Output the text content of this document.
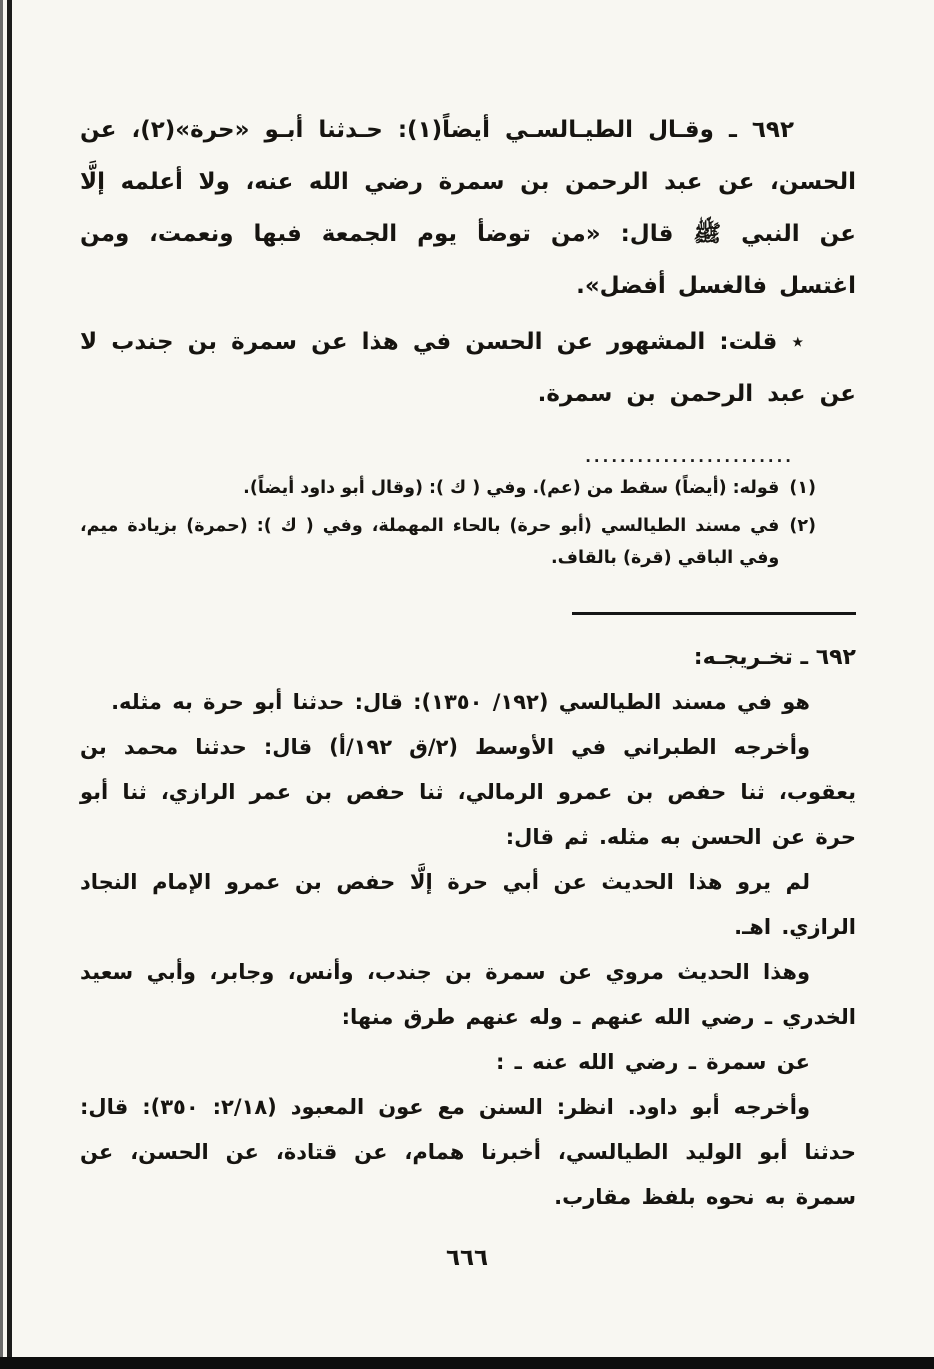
٦٩٢ ـ وقـال الطيـالسـي أيضاً(١): حـدثنا أبـو «حرة»(٢)، عن الحسن، عن عبد الرحمن بن سمرة رضي الله عنه، ولا أعلمه إلَّا عن النبي ﷺ قال: «من توضأ يوم الجمعة فبها ونعمت، ومن اغتسل فالغسل أفضل».

٭ قلت: المشهور عن الحسن في هذا عن سمرة بن جندب لا عن عبد الرحمن بن سمرة.

........................
(١)
قوله: (أيضاً) سقط من (عم). وفي ( ك ): (وقال أبو داود أيضاً).
(٢)
في مسند الطيالسي (أبو حرة) بالحاء المهملة، وفي ( ك ): (حمرة) بزيادة ميم، وفي الباقي (قرة) بالقاف.
٦٩٢ ـ تخـريجـه:

هو في مسند الطيالسي (١٩٢/ ١٣٥٠): قال: حدثنا أبو حرة به مثله.

وأخرجه الطبراني في الأوسط (٢/ق ١٩٢/أ) قال: حدثنا محمد بن يعقوب، ثنا حفص بن عمرو الرمالي، ثنا حفص بن عمر الرازي، ثنا أبو حرة عن الحسن به مثله. ثم قال:

لم يرو هذا الحديث عن أبي حرة إلَّا حفص بن عمرو الإمام النجاد الرازي. اهـ.

وهذا الحديث مروي عن سمرة بن جندب، وأنس، وجابر، وأبي سعيد الخدري ـ رضي الله عنهم ـ وله عنهم طرق منها:

عن سمرة ـ رضي الله عنه ـ :

وأخرجه أبو داود. انظر: السنن مع عون المعبود (٢/١٨: ٣٥٠): قال: حدثنا أبو الوليد الطيالسي، أخبرنا همام، عن قتادة، عن الحسن، عن سمرة به نحوه بلفظ مقارب.

٦٦٦
